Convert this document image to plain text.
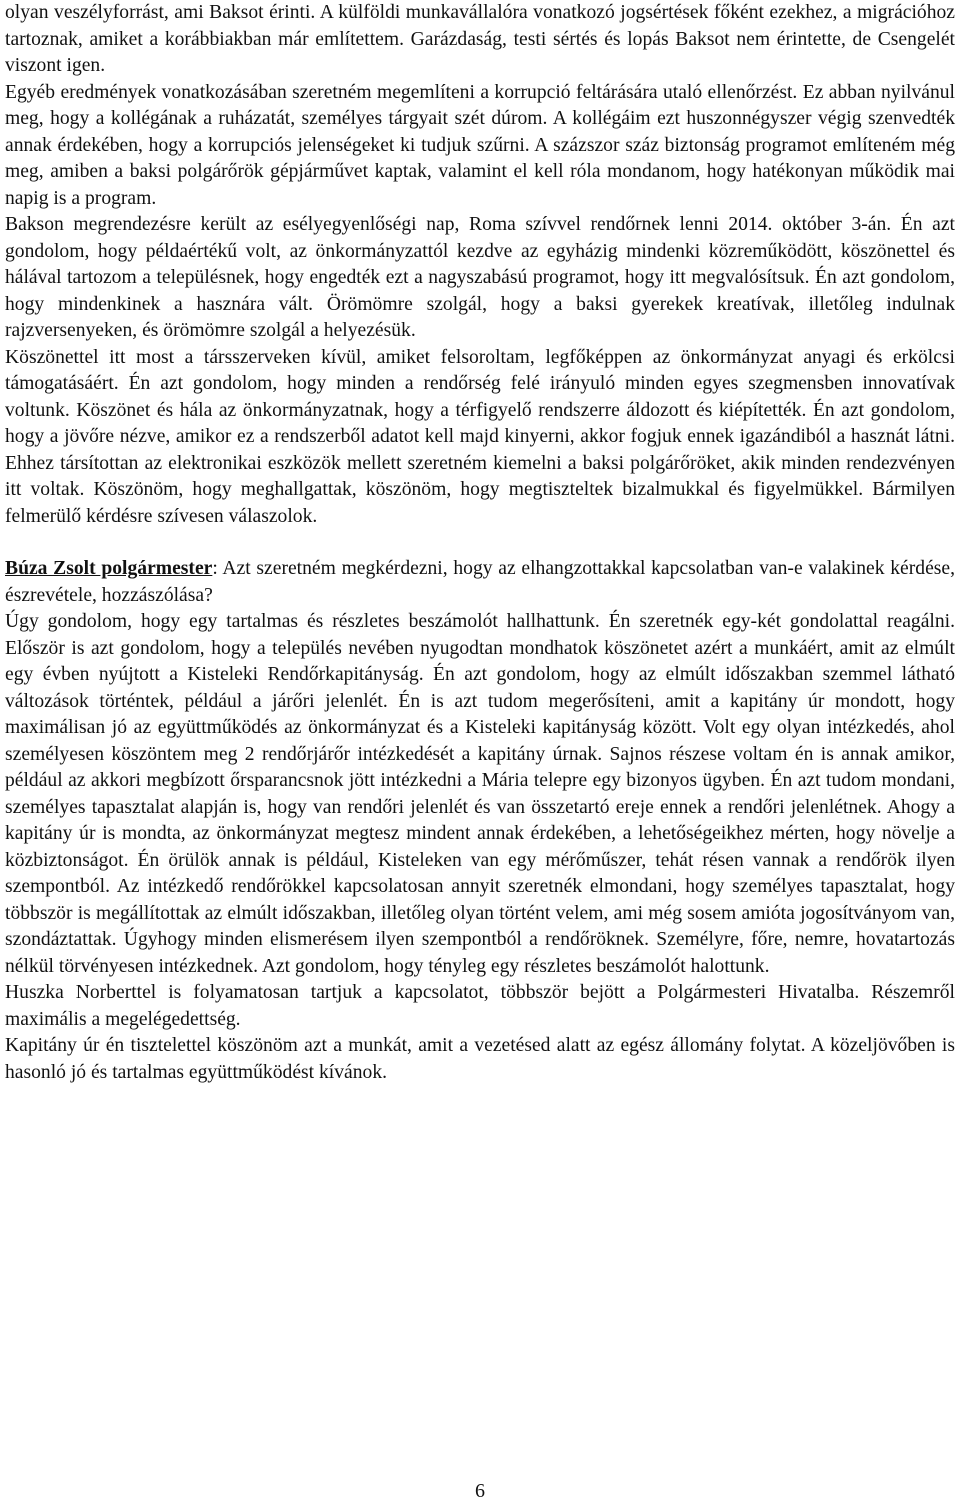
olyan veszélyforrást, ami Baksot érinti. A külföldi munkavállalóra vonatkozó jogsértések főként ezekhez, a migrációhoz tartoznak, amiket a korábbiakban már említettem. Garázdaság, testi sértés és lopás Baksot nem érintette, de Csengelét viszont igen.

Egyéb eredmények vonatkozásában szeretném megemlíteni a korrupció feltárására utaló ellenőrzést. Ez abban nyilvánul meg, hogy a kollégának a ruházatát, személyes tárgyait szét dúrom. A kollégáim ezt huszonnégyszer végig szenvedték annak érdekében, hogy a korrupciós jelenségeket ki tudjuk szűrni. A százszor száz biztonság programot említeném még meg, amiben a baksi polgárőrök gépjárművet kaptak, valamint el kell róla mondanom, hogy hatékonyan működik mai napig is a program.

Bakson megrendezésre került az esélyegyenlőségi nap, Roma szívvel rendőrnek lenni 2014. október 3-án. Én azt gondolom, hogy példaértékű volt, az önkormányzattól kezdve az egyházig mindenki közreműködött, köszönettel és hálával tartozom a településnek, hogy engedték ezt a nagyszabású programot, hogy itt megvalósítsuk. Én azt gondolom, hogy mindenkinek a hasznára vált. Örömömre szolgál, hogy a baksi gyerekek kreatívak, illetőleg indulnak rajzversenyeken, és örömömre szolgál a helyezésük.

Köszönettel itt most a társszerveken kívül, amiket felsoroltam, legfőképpen az önkormányzat anyagi és erkölcsi támogatásáért. Én azt gondolom, hogy minden a rendőrség felé irányuló minden egyes szegmensben innovatívak voltunk. Köszönet és hála az önkormányzatnak, hogy a térfigyelő rendszerre áldozott és kiépítették. Én azt gondolom, hogy a jövőre nézve, amikor ez a rendszerből adatot kell majd kinyerni, akkor fogjuk ennek igazándiból a hasznát látni. Ehhez társítottan az elektronikai eszközök mellett szeretném kiemelni a baksi polgárőröket, akik minden rendezvényen itt voltak. Köszönöm, hogy meghallgattak, köszönöm, hogy megtiszteltek bizalmukkal és figyelmükkel. Bármilyen felmerülő kérdésre szívesen válaszolok.

Búza Zsolt polgármester: Azt szeretném megkérdezni, hogy az elhangzottakkal kapcsolatban van-e valakinek kérdése, észrevétele, hozzászólása?

Úgy gondolom, hogy egy tartalmas és részletes beszámolót hallhattunk. Én szeretnék egy-két gondolattal reagálni. Először is azt gondolom, hogy a település nevében nyugodtan mondhatok köszönetet azért a munkáért, amit az elmúlt egy évben nyújtott a Kisteleki Rendőrkapitányság. Én azt gondolom, hogy az elmúlt időszakban szemmel látható változások történtek, például a járőri jelenlét. Én is azt tudom megerősíteni, amit a kapitány úr mondott, hogy maximálisan jó az együttműködés az önkormányzat és a Kisteleki kapitányság között. Volt egy olyan intézkedés, ahol személyesen köszöntem meg 2 rendőrjárőr intézkedését a kapitány úrnak. Sajnos részese voltam én is annak amikor, például az akkori megbízott őrsparancsnok jött intézkedni a Mária telepre egy bizonyos ügyben. Én azt tudom mondani, személyes tapasztalat alapján is, hogy van rendőri jelenlét és van összetartó ereje ennek a rendőri jelenlétnek. Ahogy a kapitány úr is mondta, az önkormányzat megtesz mindent annak érdekében, a lehetőségeikhez mérten, hogy növelje a közbiztonságot. Én örülök annak is például, Kisteleken van egy mérőműszer, tehát résen vannak a rendőrök ilyen szempontból. Az intézkedő rendőrökkel kapcsolatosan annyit szeretnék elmondani, hogy személyes tapasztalat, hogy többször is megállítottak az elmúlt időszakban, illetőleg olyan történt velem, ami még sosem amióta jogosítványom van, szondáztattak. Úgyhogy minden elismerésem ilyen szempontból a rendőröknek. Személyre, főre, nemre, hovatartozás nélkül törvényesen intézkednek. Azt gondolom, hogy tényleg egy részletes beszámolót halottunk.

Huszka Norberttel is folyamatosan tartjuk a kapcsolatot, többször bejött a Polgármesteri Hivatalba. Részemről maximális a megelégedettség.

Kapitány úr én tisztelettel köszönöm azt a munkát, amit a vezetésed alatt az egész állomány folytat. A közeljövőben is hasonló jó és tartalmas együttműködést kívánok.

6
